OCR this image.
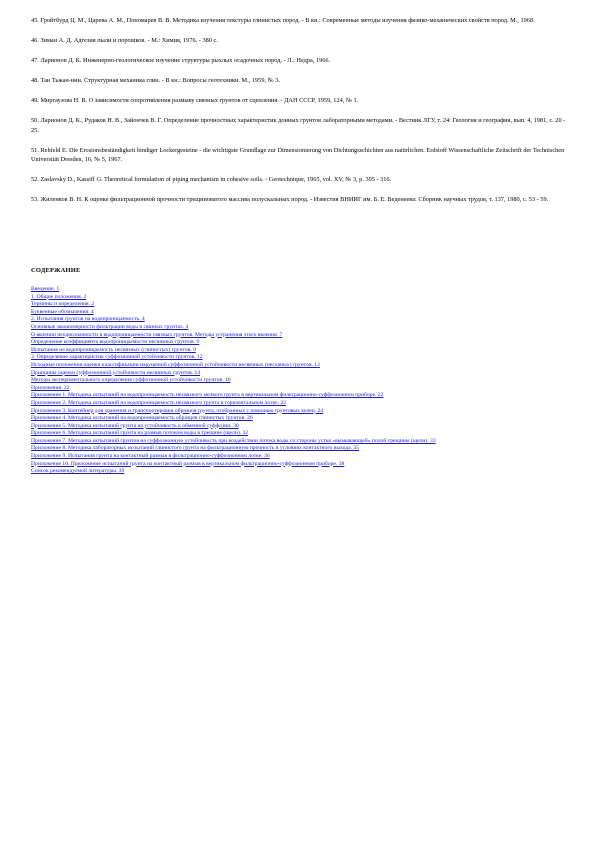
45. Гройтбурд Ц. М., Царева А. М., Пономарев В. В. Методика изучения текстуры глинистых пород. - В кн.: Современные методы изучения физико-механических свойств пород. М., 1968.

46. Зиман А. Д. Адгезия пыли и порошков. - М.: Химия, 1976. - 380 с.

47. Ларионов Д. К. Инженерно-геологическое изучение структуры рыхлых осадочных пород. - Л.: Недра, 1966.

48. Тан Тьжан-нин. Структурная механика глин. - В кн.: Вопросы геотехники. М., 1959, № 3.

49. Миргаузова Н. В. О зависимости сопротивления размыву связных грунтов от сцепления. - ДАН СССР, 1959, 124, № 1.

50. Ларионов Д. К., Рудаков Н. В., Зайончев В. Г. Определение прочностных характеристик донных грунтов лабораторными методами. - Вестник ЛГУ, т. 24: Геология и география, вып. 4, 1981, с. 20 - 25.

51. Rehfeld E. Die Erosionsbeständigkeit bindiger Lockergesteine - die wichtigste Grundlage zur Dimensionierung von Dichtungsschichten aus natürlichen. Erdstoff Wissenschaftliche Zeitschrift der Technischen Universität Dresden, 16, № 5, 1967.

52. Zaslavsky D., Kassiff G. Theoretical formulation of piping mechanism in cohesive soils. - Geotechnique, 1965, vol. XV, № 3, p. 305 - 316.

53. Жиленков В. Н. К оценке фильтрационной прочности трещиноватого массива полускальных пород. - Известия ВНИИГ им. Б. Е. Веденеева: Сборник научных трудов, т. 137, 1980, с. 53 - 59.

СОДЕРЖАНИЕ
Введение. 1
1. Общие положения. 2
Термины и определения. 2
Буквенные обозначения. 4
2. Испытания грунтов на водопроницаемость. 4
Основные закономерности фильтрации воды в связных грунтах. 4
О явлении неоднозначности в водопроницаемости связных грунтов. Методы устранения этого явления. 7
Определение коэффициента водопроницаемости несвязных грунтов. 9
Испытания на водопроницаемость несвязных (глинистых) грунтов. 9
3. Определение характеристик суффозионной устойчивости грунтов. 12
Исходные положения оценки классификации нарушений суффозионной устойчивости несвязных (песчаных) грунтов. 12
Принципы оценки суффозионной устойчивости несвязных грунтов. 14
Методы экспериментального определения суффозионной устойчивости грунтов. 16
Приложения. 22
Приложение 1. Методика испытаний на водопроницаемость несвязного мелкого грунта в вертикальном фильтрационно-суффозионном приборе. 22
Приложение 2. Методика испытаний на водопроницаемость несвязного грунта в горизонтальном лотке. 23
Приложение 3. Контейнер для хранения и транспортировки образцов грунта, отобранных с помощью грунтовых колец. 24
Приложение 4. Методика испытаний на водопроницаемость образцов глинистых грунтов. 26
Приложение 5. Методика испытаний грунта на устойчивость к обменной суффозии. 30
Приложение 6. Методика испытаний грунта на размыв потоком воды в трещине (щели). 32
Приложение 7. Методика испытаний грунтов на суффозионную устойчивость при воздействии потока воды со стороны устья «вымывающей» полой трещины (щели). 33
Приложение 8. Методика лабораторных испытаний глинистого грунта на фильтрационную прочность в условиях контактного выхода. 35
Приложение 9. Испытания грунта на контактный размыв в фильтрационно-суффозионном лотке. 36
Приложение 10. Приложение испытаний грунта на контактный размыв в вертикальном фильтрационно-суффозионном приборе. 38
Список рекомендуемой литературы. 39
